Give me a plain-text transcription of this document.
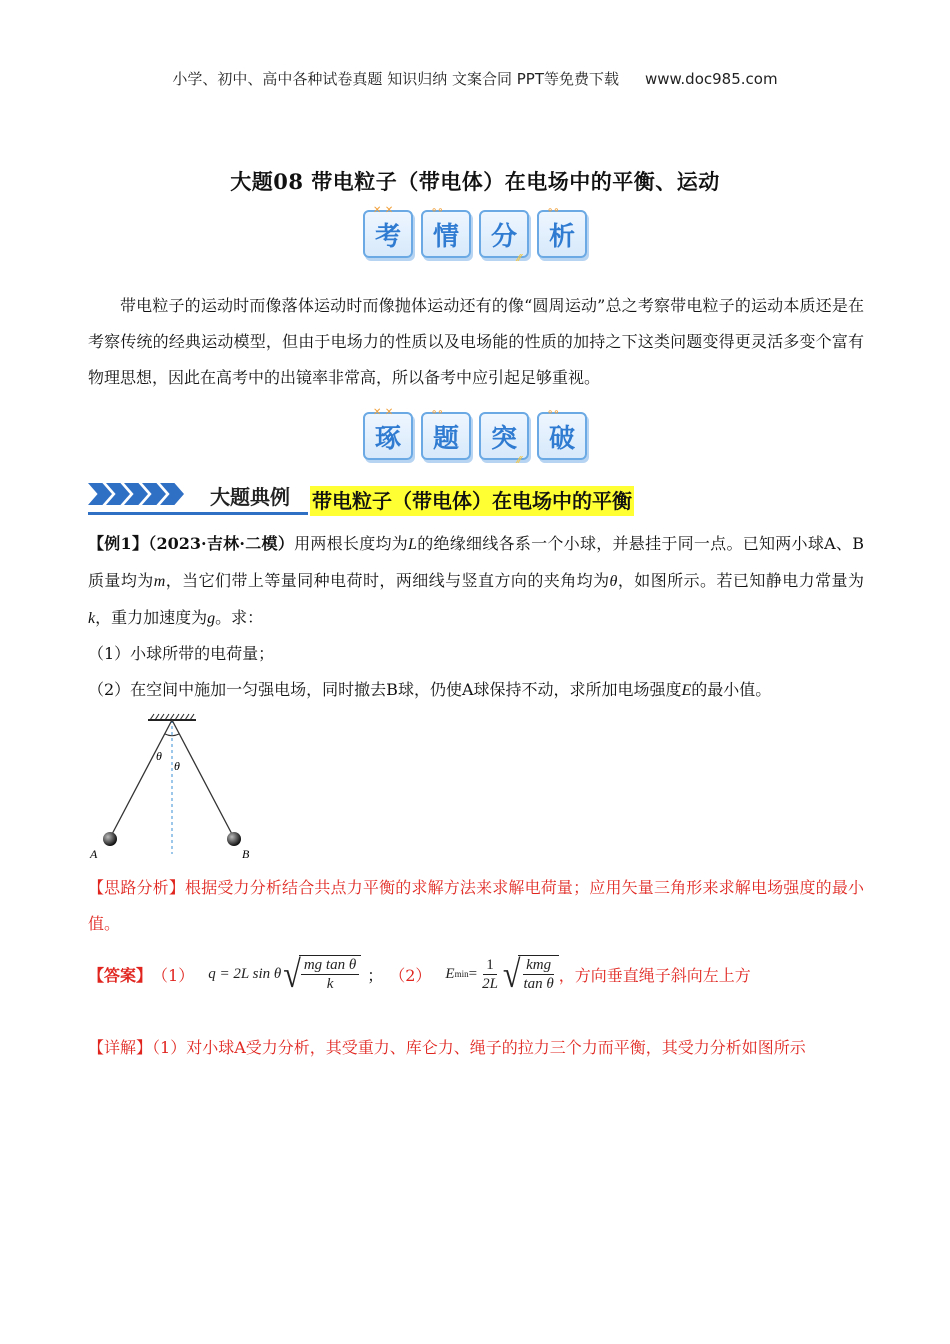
小学、初中、高中各种试卷真题 知识归纳 文案合同 PPT等免费下载 www.doc985.com
大题08 带电粒子（带电体）在电场中的平衡、运动
✕ ✕
考
∘∘
情 分
⁄⁄
∘∘
析
带电粒子的运动时而像落体运动时而像抛体运动还有的像“圆周运动”总之考察带电粒子的运动本质还是在考察传统的经典运动模型，但由于电场力的性质以及电场能的性质的加持之下这类问题变得更灵活多变个富有物理思想，因此在高考中的出镜率非常高，所以备考中应引起足够重视。
✕ ✕
琢
∘∘
题 突
⁄⁄
∘∘
破
大题典例	带电粒子（带电体）在电场中的平衡
【例1】（2023·吉林·二模）用两根长度均为L的绝缘细线各系一个小球，并悬挂于同一点。已知两小球A、B质量均为m，当它们带上等量同种电荷时，两细线与竖直方向的夹角均为θ，如图所示。若已知静电力常量为k，重力加速度为g。求：
（1）小球所带的电荷量；
（2）在空间中施加一匀强电场，同时撤去B球，仍使A球保持不动，求所加电场强度E的最小值。
θ
θ
A	B
【思路分析】根据受力分析结合共点力平衡的求解方法来求解电荷量；应用矢量三角形来求解电场强度的最小值。
【答案】 （1） q = 2L sin θ √ $\frac{\text{mg tan θ}}{k}$ ； （2） E $\min = \frac{1}{2L}$ √ $\frac{\text{kmg}}{\text{tan θ}}$ ，方向垂直绳子斜向左上方
【详解】（1）对小球A受力分析，其受重力、库仑力、绳子的拉力三个力而平衡，其受力分析如图所示
